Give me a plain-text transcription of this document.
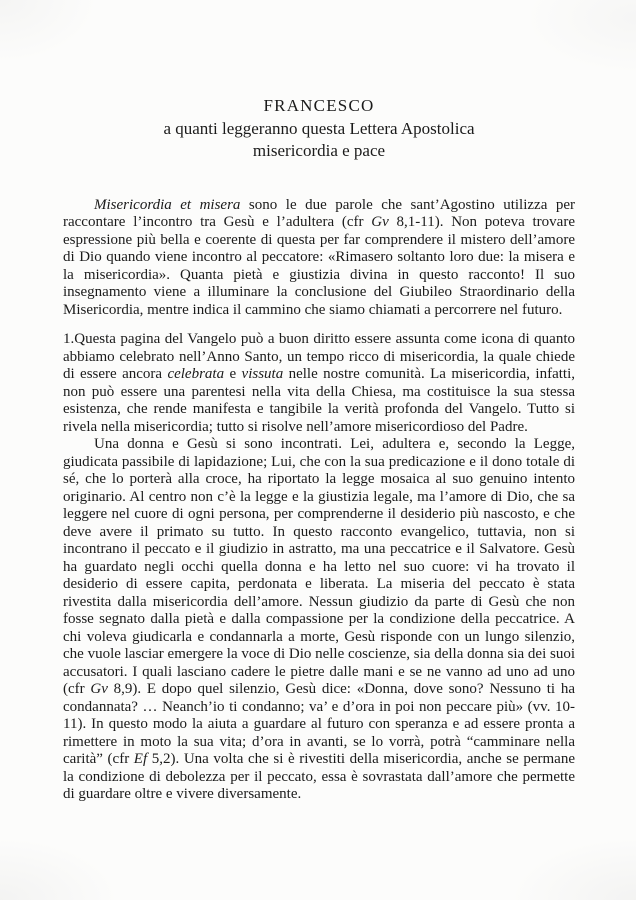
FRANCESCO
a quanti leggeranno questa Lettera Apostolica
misericordia e pace

Misericordia et misera sono le due parole che sant’Agostino utilizza per raccontare l’incontro tra Gesù e l’adultera (cfr Gv 8,1-11). Non poteva trovare espressione più bella e coerente di questa per far comprendere il mistero dell’amore di Dio quando viene incontro al peccatore: «Rimasero soltanto loro due: la misera e la misericordia». Quanta pietà e giustizia divina in questo racconto! Il suo insegnamento viene a illuminare la conclusione del Giubileo Straordinario della Misericordia, mentre indica il cammino che siamo chiamati a percorrere nel futuro.

1.Questa pagina del Vangelo può a buon diritto essere assunta come icona di quanto abbiamo celebrato nell’Anno Santo, un tempo ricco di misericordia, la quale chiede di essere ancora celebrata e vissuta nelle nostre comunità. La misericordia, infatti, non può essere una parentesi nella vita della Chiesa, ma costituisce la sua stessa esistenza, che rende manifesta e tangibile la verità profonda del Vangelo. Tutto si rivela nella misericordia; tutto si risolve nell’amore misericordioso del Padre.

Una donna e Gesù si sono incontrati. Lei, adultera e, secondo la Legge, giudicata passibile di lapidazione; Lui, che con la sua predicazione e il dono totale di sé, che lo porterà alla croce, ha riportato la legge mosaica al suo genuino intento originario. Al centro non c’è la legge e la giustizia legale, ma l’amore di Dio, che sa leggere nel cuore di ogni persona, per comprenderne il desiderio più nascosto, e che deve avere il primato su tutto. In questo racconto evangelico, tuttavia, non si incontrano il peccato e il giudizio in astratto, ma una peccatrice e il Salvatore. Gesù ha guardato negli occhi quella donna e ha letto nel suo cuore: vi ha trovato il desiderio di essere capita, perdonata e liberata. La miseria del peccato è stata rivestita dalla misericordia dell’amore. Nessun giudizio da parte di Gesù che non fosse segnato dalla pietà e dalla compassione per la condizione della peccatrice. A chi voleva giudicarla e condannarla a morte, Gesù risponde con un lungo silenzio, che vuole lasciar emergere la voce di Dio nelle coscienze, sia della donna sia dei suoi accusatori. I quali lasciano cadere le pietre dalle mani e se ne vanno ad uno ad uno (cfr Gv 8,9). E dopo quel silenzio, Gesù dice: «Donna, dove sono? Nessuno ti ha condannata? … Neanch’io ti condanno; va’ e d’ora in poi non peccare più» (vv. 10-11). In questo modo la aiuta a guardare al futuro con speranza e ad essere pronta a rimettere in moto la sua vita; d’ora in avanti, se lo vorrà, potrà “camminare nella carità” (cfr Ef 5,2). Una volta che si è rivestiti della misericordia, anche se permane la condizione di debolezza per il peccato, essa è sovrastata dall’amore che permette di guardare oltre e vivere diversamente.
